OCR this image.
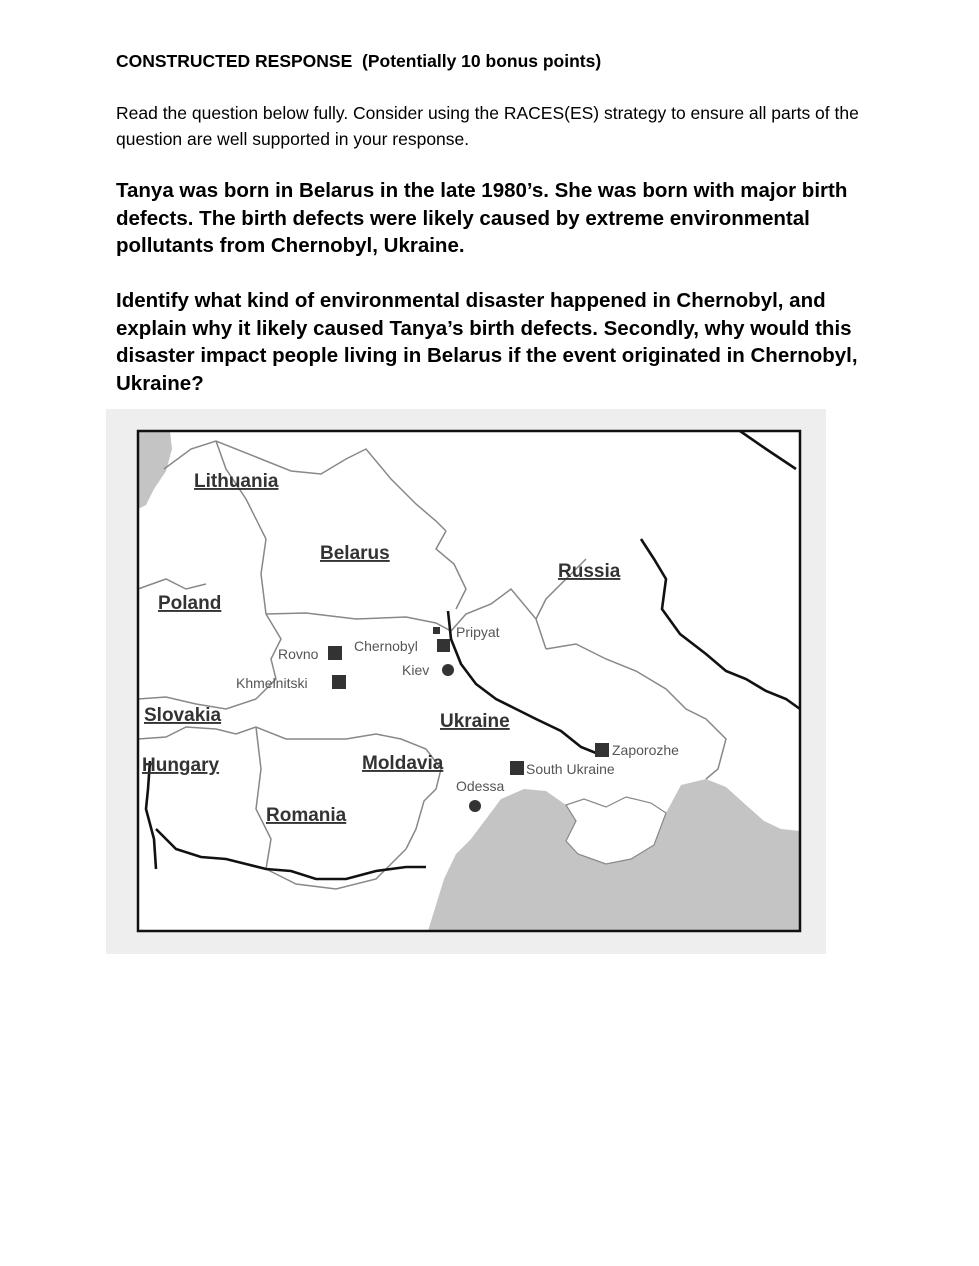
CONSTRUCTED RESPONSE  (Potentially 10 bonus points)
Read the question below fully. Consider using the RACES(ES) strategy to ensure all parts of the question are well supported in your response.
Tanya was born in Belarus in the late 1980’s. She was born with major birth defects. The birth defects were likely caused by extreme environmental pollutants from Chernobyl, Ukraine.
Identify what kind of environmental disaster happened in Chernobyl, and explain why it likely caused Tanya’s birth defects. Secondly, why would this disaster impact people living in Belarus if the event originated in Chernobyl, Ukraine?
Lithuania
Belarus
Russia
Poland
Slovakia	Ukraine
Hungary	Moldavia
Romania
Pripyat
Chernobyl
Kiev
Rovno
Khmelnitski
Zaporozhe
South Ukraine
Odessa
